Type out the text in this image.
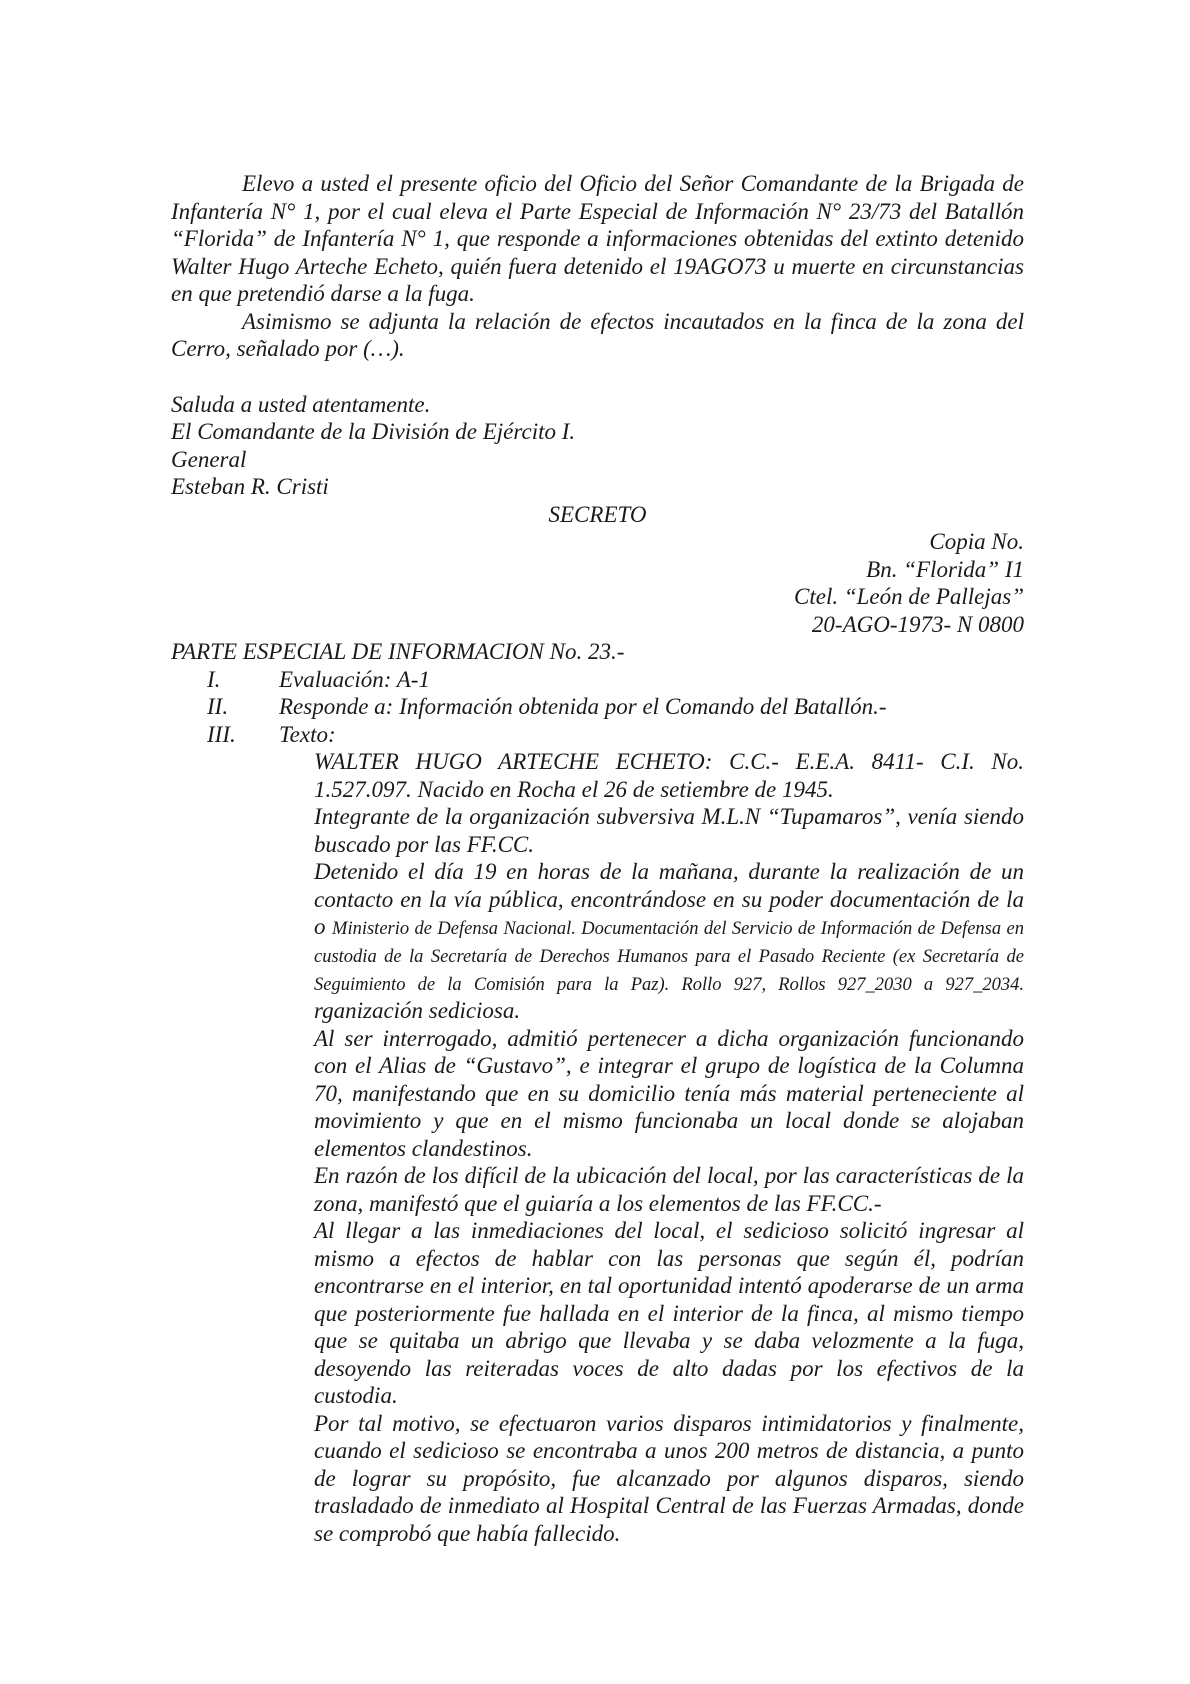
Elevo a usted el presente oficio del Oficio del Señor Comandante de la Brigada de Infantería N° 1, por el cual eleva el Parte Especial de Información N° 23/73 del Batallón “Florida” de Infantería N° 1, que responde a informaciones obtenidas del extinto detenido Walter Hugo Arteche Echeto, quién fuera detenido el 19AGO73 u muerte en circunstancias en que pretendió darse a la fuga.

Asimismo se adjunta la relación de efectos incautados en la finca de la zona del Cerro, señalado por (…).

Saluda a usted atentamente.

El Comandante de la División de Ejército I.

General

Esteban R. Cristi

SECRETO

Copia No.

Bn. “Florida” I1

Ctel. “León de Pallejas”

20-AGO-1973- N 0800

PARTE ESPECIAL DE INFORMACION No. 23.-

I.	Evaluación: A-1
II.	Responde a: Información obtenida por el Comando del Batallón.-
III.	Texto:

WALTER HUGO ARTECHE ECHETO: C.C.- E.E.A. 8411- C.I. No. 1.527.097. Nacido en Rocha el 26 de setiembre de 1945.

Integrante de la organización subversiva M.L.N “Tupamaros”, venía siendo buscado por las FF.CC.

Detenido el día 19 en horas de la mañana, durante la realización de un contacto en la vía pública, encontrándose en su poder documentación de la o Ministerio de Defensa Nacional. Documentación del Servicio de Información de Defensa en custodia de la Secretaría de Derechos Humanos para el Pasado Reciente (ex Secretaría de Seguimiento de la Comisión para la Paz). Rollo 927, Rollos 927_2030 a 927_2034. rganización sediciosa.

Al ser interrogado, admitió pertenecer a dicha organización funcionando con el Alias de “Gustavo”, e integrar el grupo de logística de la Columna 70, manifestando que en su domicilio tenía más material perteneciente al movimiento y que en el mismo funcionaba un local donde se alojaban elementos clandestinos.

En razón de los difícil de la ubicación del local, por las características de la zona, manifestó que el guiaría a los elementos de las FF.CC.-

Al llegar a las inmediaciones del local, el sedicioso solicitó ingresar al mismo a efectos de hablar con las personas que según él, podrían encontrarse en el interior, en tal oportunidad intentó apoderarse de un arma que posteriormente fue hallada en el interior de la finca, al mismo tiempo que se quitaba un abrigo que llevaba y se daba velozmente a la fuga, desoyendo las reiteradas voces de alto dadas por los efectivos de la custodia.

Por tal motivo, se efectuaron varios disparos intimidatorios y finalmente, cuando el sedicioso se encontraba a unos 200 metros de distancia, a punto de lograr su propósito, fue alcanzado por algunos disparos, siendo trasladado de inmediato al Hospital Central de las Fuerzas Armadas, donde se comprobó que había fallecido.
